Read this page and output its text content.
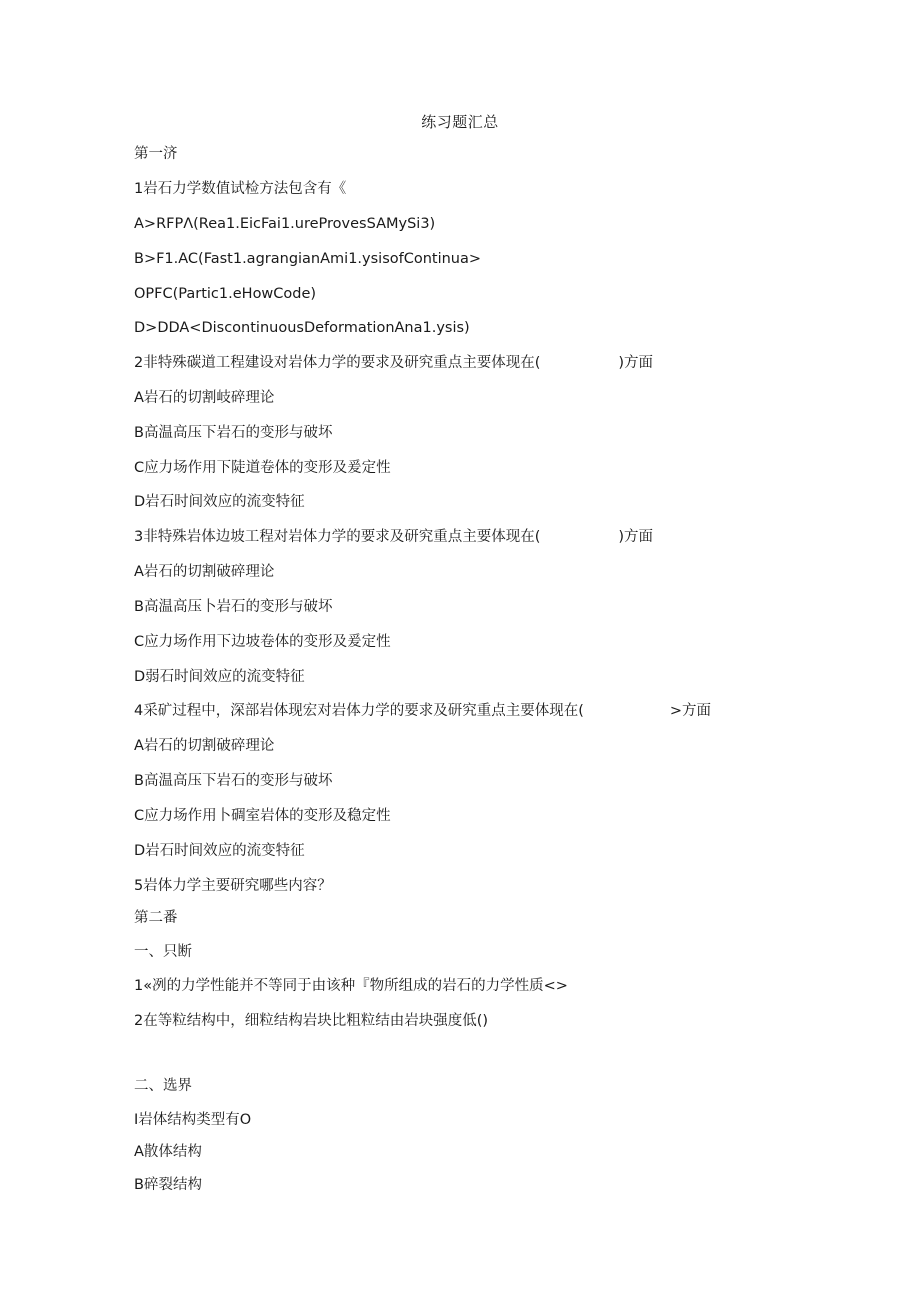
练习题汇总

第一济

1岩石力学数值试检方法包含有《

A>RFPΛ(Rea1.EicFai1.ureProvesSAMySi3)

B>F1.AC(Fast1.agrangianAmi1.ysisofContinua>

OPFC(Partic1.eHowCode)

D>DDA<DiscontinuousDeformationAna1.ysis)

2非特殊碳道工程建设对岩体力学的要求及研究重点主要体现在(	)方面

A岩石的切割岐碎理论

B高温高压下岩石的变形与破坏

C应力场作用下陡道卷体的变形及爰定性

D岩石时间效应的流变特征

3非特殊岩体边坡工程对岩体力学的要求及研究重点主要体现在(	)方面

A岩石的切割破碎理论

B高温高压卜岩石的变形与破坏

C应力场作用下边坡卷体的变形及爰定性

D弱石时间效应的流变特征

4采矿过程中，深部岩体现宏对岩体力学的要求及研究重点主要体现在(	>方面

A岩石的切割破碎理论

B高温高压下岩石的变形与破坏

C应力场作用卜碉室岩体的变形及稳定性

D岩石时间效应的流变特征

5岩体力学主要研究哪些内容？

第二番

一、只断

1«冽的力学性能并不等同于由该种『物所组成的岩石的力学性质<>

2在等粒结构中，细粒结构岩块比粗粒结由岩块强度低()

二、选界

I岩体结构类型有O

A散体结构

B碎裂结构
